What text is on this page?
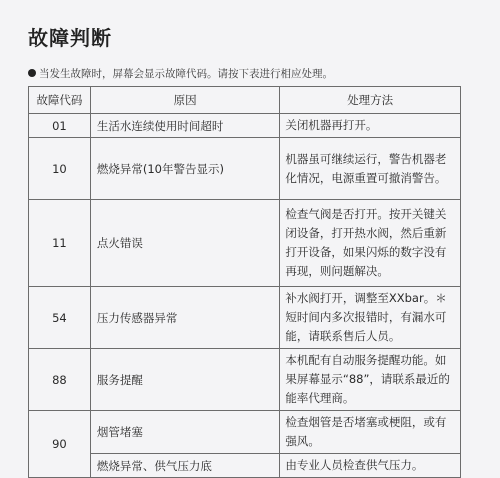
故障判断
当发生故障时，屏幕会显示故障代码。请按下表进行相应处理。
故障代码	原因	处理方法
01	生活水连续使用时间超时	关闭机器再打开。
10	燃烧异常(10年警告显示)	机器虽可继续运行，警告机器老化情况，电源重置可撤消警告。
11	点火错误	检查气阀是否打开。按开关键关闭设备，打开热水阀，然后重新打开设备，如果闪烁的数字没有再现，则问题解决。
54	压力传感器异常	补水阀打开，调整至XXbar。＊短时间内多次报错时，有漏水可能，请联系售后人员。
88	服务提醒	本机配有自动服务提醒功能。如果屏幕显示“88”，请联系最近的能率代理商。
90	烟管堵塞	检查烟管是否堵塞或梗阻，或有强风。
	燃烧异常、供气压力底	由专业人员检查供气压力。
